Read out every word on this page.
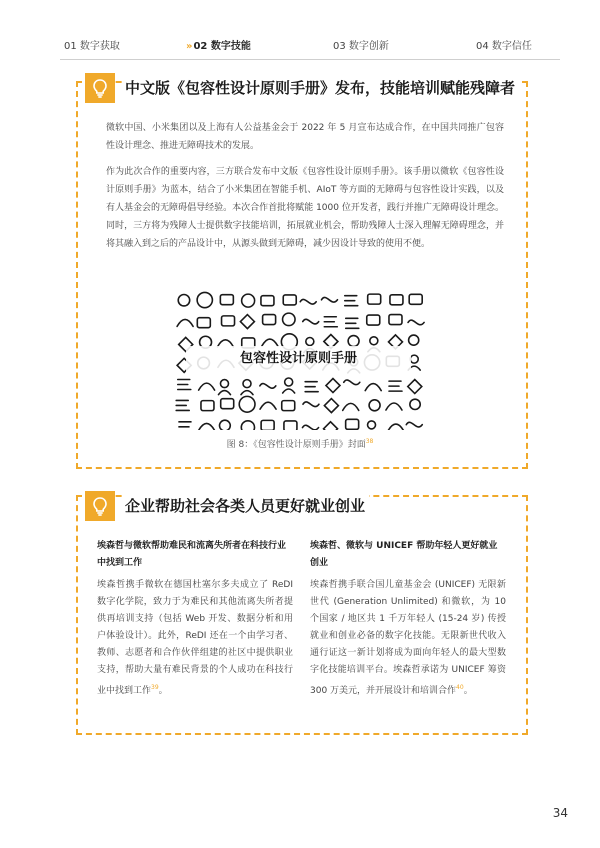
01 数字获取	» 02 数字技能	03 数字创新	04 数字信任
中文版《包容性设计原则手册》发布，技能培训赋能残障者
微软中国、小米集团以及上海有人公益基金会于 2022 年 5 月宣布达成合作，在中国共同推广包容性设计理念、推进无障碍技术的发展。
作为此次合作的重要内容，三方联合发布中文版《包容性设计原则手册》。该手册以微软《包容性设计原则手册》为蓝本，结合了小米集团在智能手机、AIoT 等方面的无障碍与包容性设计实践，以及有人基金会的无障碍倡导经验。本次合作首批将赋能 1000 位开发者，践行并推广无障碍设计理念。同时，三方将为残障人士提供数字技能培训，拓展就业机会，帮助残障人士深入理解无障碍理念，并将其融入到之后的产品设计中，从源头做到无障碍，减少因设计导致的使用不便。
包容性设计原则手册
图 8：《包容性设计原则手册》封面$^{38}$
企业帮助社会各类人员更好就业创业
埃森哲与微软帮助难民和流离失所者在科技行业中找到工作
埃森哲携手微软在德国杜塞尔多夫成立了 ReDI 数字化学院，致力于为难民和其他流离失所者提供再培训支持（包括 Web 开发、数据分析和用户体验设计）。此外，ReDI 还在一个由学习者、教师、志愿者和合作伙伴组建的社区中提供职业支持，帮助大量有难民背景的个人成功在科技行业中找到工作$^{39}$。
埃森哲、微软与 UNICEF 帮助年轻人更好就业创业
埃森哲携手联合国儿童基金会 (UNICEF) 无限新世代 (Generation Unlimited) 和微软，为 10 个国家 / 地区共 1 千万年轻人 (15-24 岁) 传授就业和创业必备的数字化技能。无限新世代收入通行证这一新计划将成为面向年轻人的最大型数字化技能培训平台。埃森哲承诺为 UNICEF 筹资 300 万美元，并开展设计和培训合作$^{40}$。
34
